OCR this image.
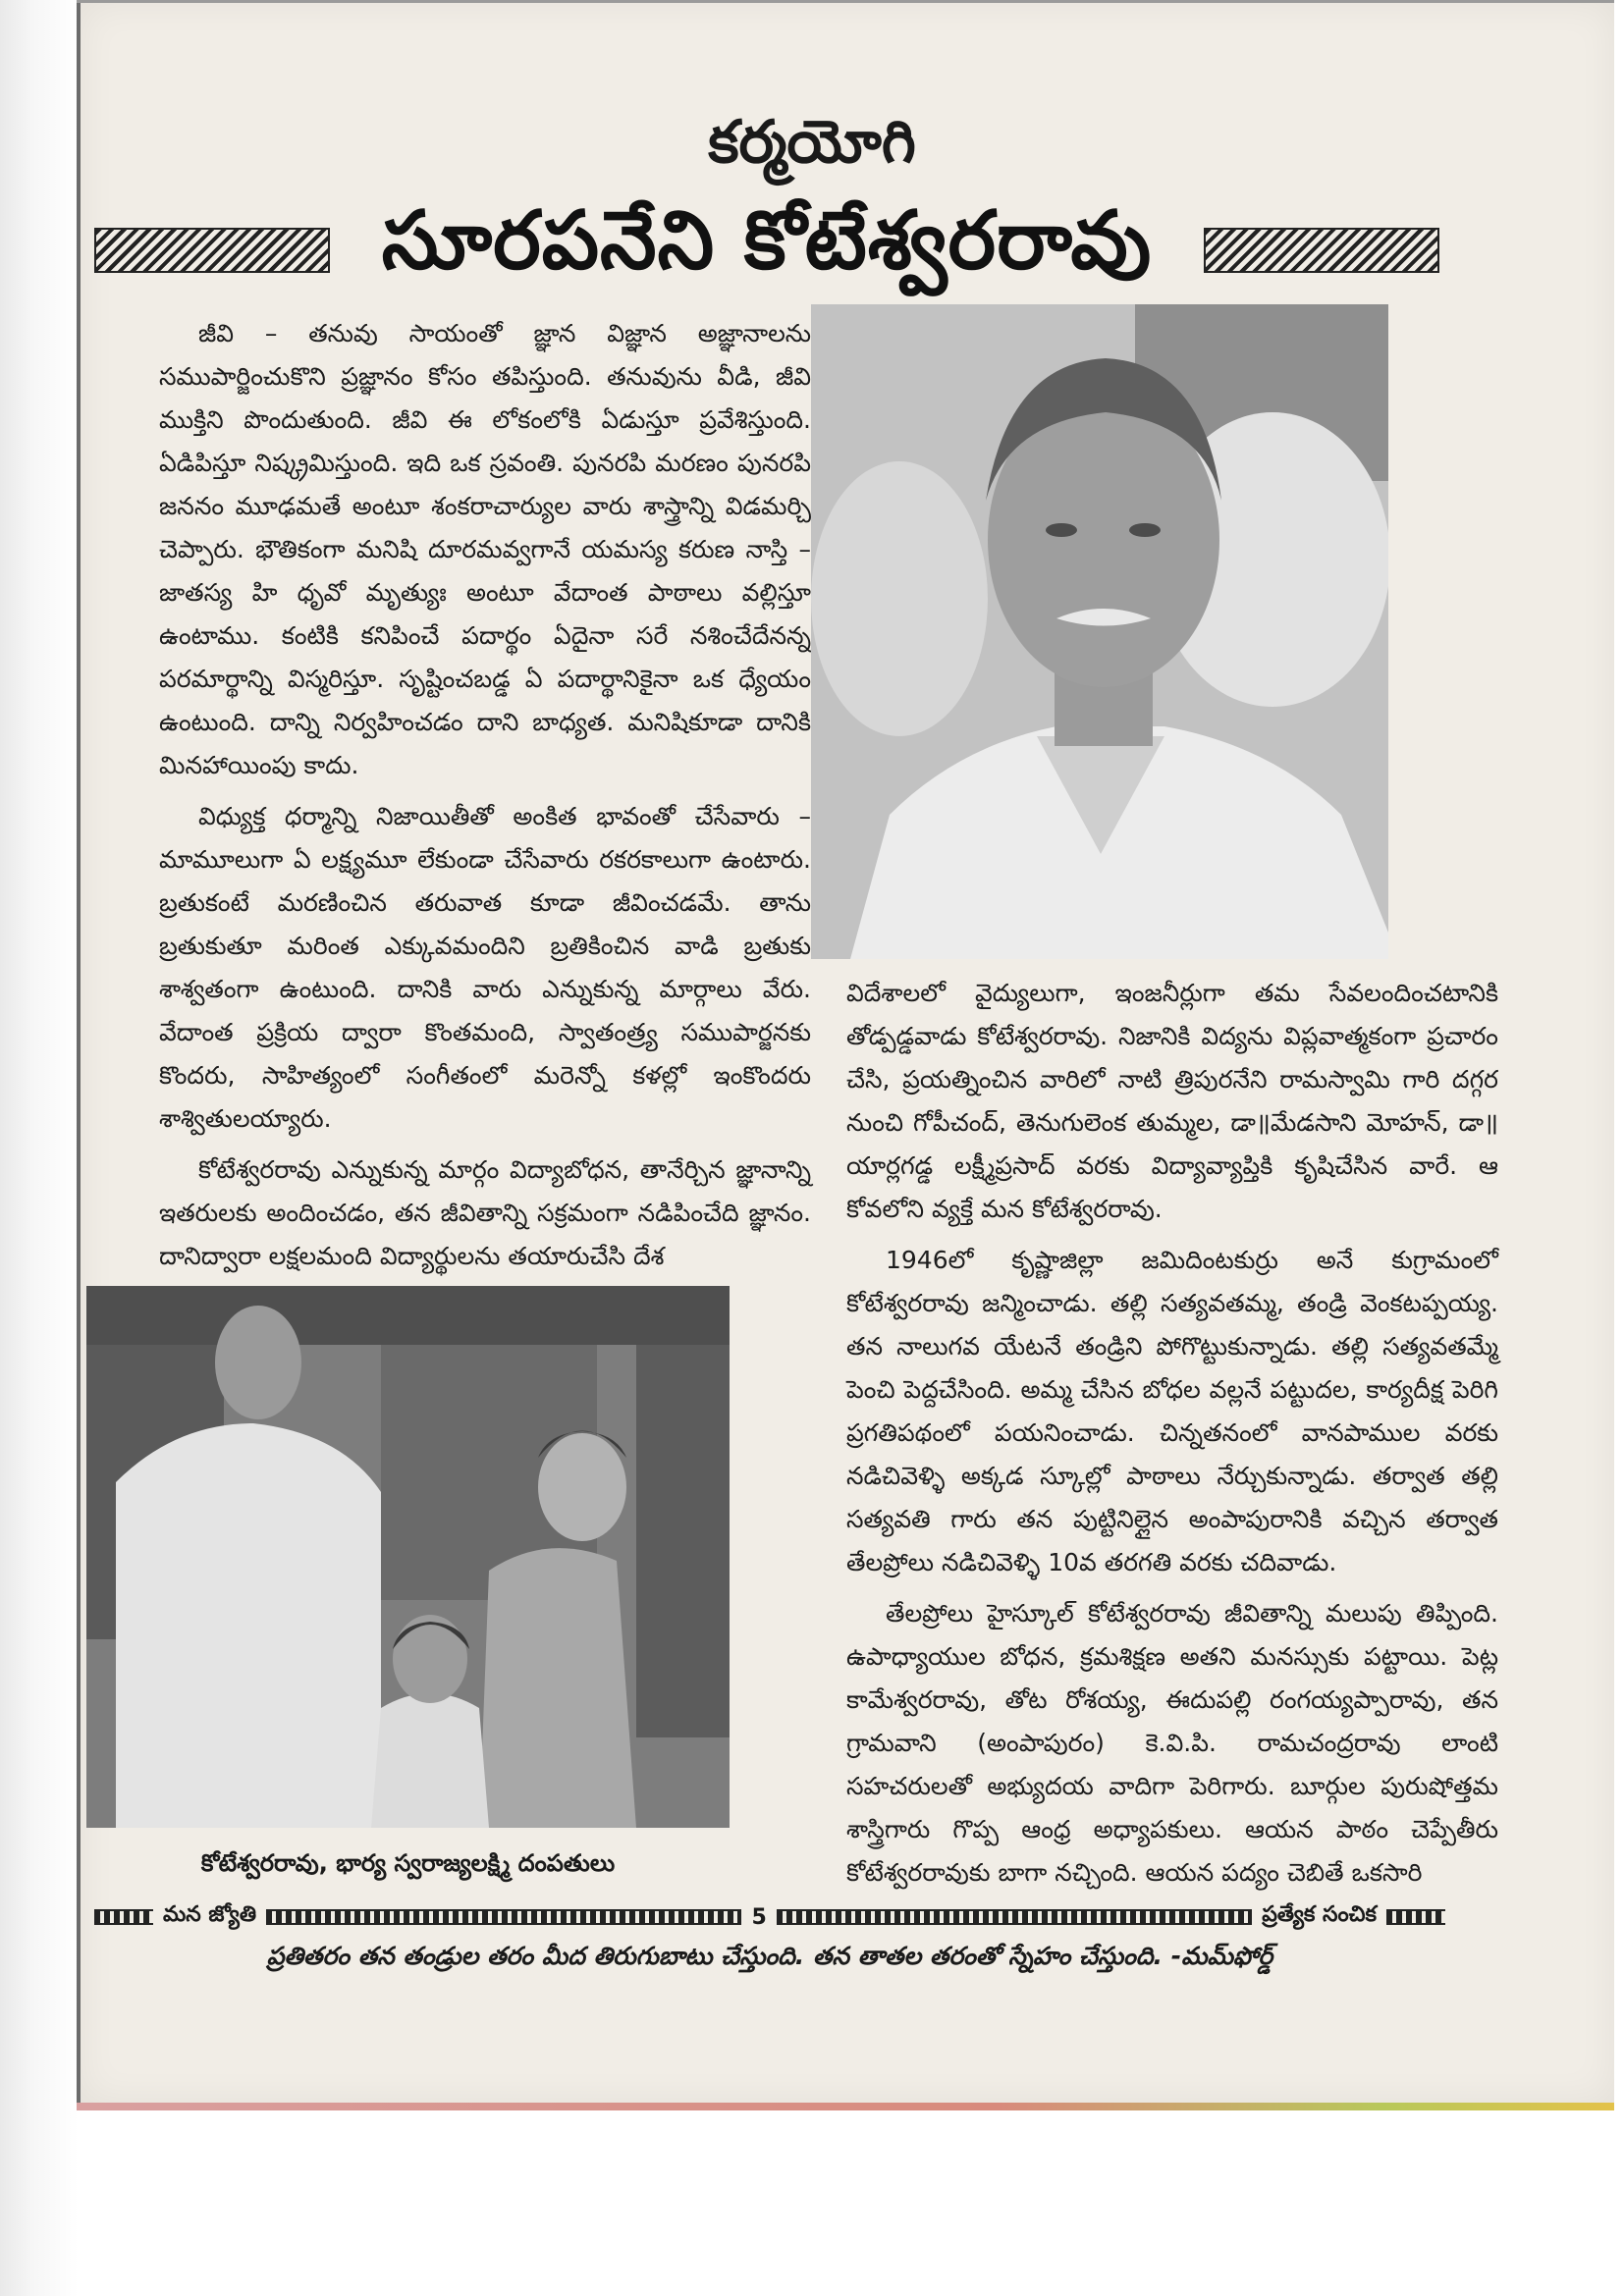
కర్మయోగి
సూరపనేని కోటేశ్వరరావు

జీవి – తనువు సాయంతో జ్ఞాన విజ్ఞాన అజ్ఞానాలను సముపార్జించుకొని ప్రజ్ఞానం కోసం తపిస్తుంది. తనువును వీడి, జీవి ముక్తిని పొందుతుంది. జీవి ఈ లోకంలోకి ఏడుస్తూ ప్రవేశిస్తుంది. ఏడిపిస్తూ నిష్క్రమిస్తుంది. ఇది ఒక స్రవంతి. పునరపి మరణం పునరపి జననం మూఢమతే అంటూ శంకరాచార్యుల వారు శాస్త్రాన్ని విడమర్చి చెప్పారు. భౌతికంగా మనిషి దూరమవ్వగానే యమస్య కరుణ నాస్తి – జాతస్య హి ధృవో మృత్యుః అంటూ వేదాంత పాఠాలు వల్లిస్తూ ఉంటాము. కంటికి కనిపించే పదార్థం ఏదైనా సరే నశించేదేనన్న పరమార్థాన్ని విస్మరిస్తూ. సృష్టించబడ్డ ఏ పదార్థానికైనా ఒక ధ్యేయం ఉంటుంది. దాన్ని నిర్వహించడం దాని బాధ్యత. మనిషికూడా దానికి మినహాయింపు కాదు.

విధ్యుక్త ధర్మాన్ని నిజాయితీతో అంకిత భావంతో చేసేవారు – మామూలుగా ఏ లక్ష్యమూ లేకుండా చేసేవారు రకరకాలుగా ఉంటారు. బ్రతుకంటే మరణించిన తరువాత కూడా జీవించడమే. తాను బ్రతుకుతూ మరింత ఎక్కువమందిని బ్రతికించిన వాడి బ్రతుకు శాశ్వతంగా ఉంటుంది. దానికి వారు ఎన్నుకున్న మార్గాలు వేరు. వేదాంత ప్రక్రియ ద్వారా కొంతమంది, స్వాతంత్ర్య సముపార్జనకు కొందరు, సాహిత్యంలో సంగీతంలో మరెన్నో కళల్లో ఇంకొందరు శాశ్వితులయ్యారు.

కోటేశ్వరరావు ఎన్నుకున్న మార్గం విద్యాబోధన, తానేర్చిన జ్ఞానాన్ని ఇతరులకు అందించడం, తన జీవితాన్ని సక్రమంగా నడిపించేది జ్ఞానం. దానిద్వారా లక్షలమంది విద్యార్థులను తయారుచేసి దేశ

విదేశాలలో వైద్యులుగా, ఇంజనీర్లుగా తమ సేవలందించటానికి తోడ్పడ్డవాడు కోటేశ్వరరావు. నిజానికి విద్యను విప్లవాత్మకంగా ప్రచారం చేసి, ప్రయత్నించిన వారిలో నాటి త్రిపురనేని రామస్వామి గారి దగ్గర నుంచి గోపీచంద్, తెనుగులెంక తుమ్మల, డా॥మేడసాని మోహన్, డా॥యార్లగడ్డ లక్ష్మీప్రసాద్ వరకు విద్యావ్యాప్తికి కృషిచేసిన వారే. ఆ కోవలోని వ్యక్తే మన కోటేశ్వరరావు.

1946లో కృష్ణాజిల్లా జమిదింటకుర్రు అనే కుగ్రామంలో కోటేశ్వరరావు జన్మించాడు. తల్లి సత్యవతమ్మ, తండ్రి వెంకటప్పయ్య. తన నాలుగవ యేటనే తండ్రిని పోగొట్టుకున్నాడు. తల్లి సత్యవతమ్మే పెంచి పెద్దచేసింది. అమ్మ చేసిన బోధల వల్లనే పట్టుదల, కార్యదీక్ష పెరిగి ప్రగతిపథంలో పయనించాడు. చిన్నతనంలో వానపాముల వరకు నడిచివెళ్ళి అక్కడ స్కూల్లో పాఠాలు నేర్చుకున్నాడు. తర్వాత తల్లి సత్యవతి గారు తన పుట్టినిల్లైన అంపాపురానికి వచ్చిన తర్వాత తేలప్రోలు నడిచివెళ్ళి 10వ తరగతి వరకు చదివాడు.

తేలప్రోలు హైస్కూల్ కోటేశ్వరరావు జీవితాన్ని మలుపు తిప్పింది. ఉపాధ్యాయుల బోధన, క్రమశిక్షణ అతని మనస్సుకు పట్టాయి. పెట్ల కామేశ్వరరావు, తోట రోశయ్య, ఈదుపల్లి రంగయ్యప్పారావు, తన గ్రామవాని (అంపాపురం) కె.వి.పి. రామచంద్రరావు లాంటి సహచరులతో అభ్యుదయ వాదిగా పెరిగారు. బూర్గుల పురుషోత్తమ శాస్త్రిగారు గొప్ప ఆంధ్ర అధ్యాపకులు. ఆయన పాఠం చెప్పేతీరు కోటేశ్వరరావుకు బాగా నచ్చింది. ఆయన పద్యం చెబితే ఒకసారి

కోటేశ్వరరావు, భార్య స్వరాజ్యలక్ష్మి దంపతులు
మన జ్యోతి	5	ప్రత్యేక సంచిక
ప్రతితరం తన తండ్రుల తరం మీద తిరుగుబాటు చేస్తుంది. తన తాతల తరంతో స్నేహం చేస్తుంది. -మమ్‌ఫోర్డ్
